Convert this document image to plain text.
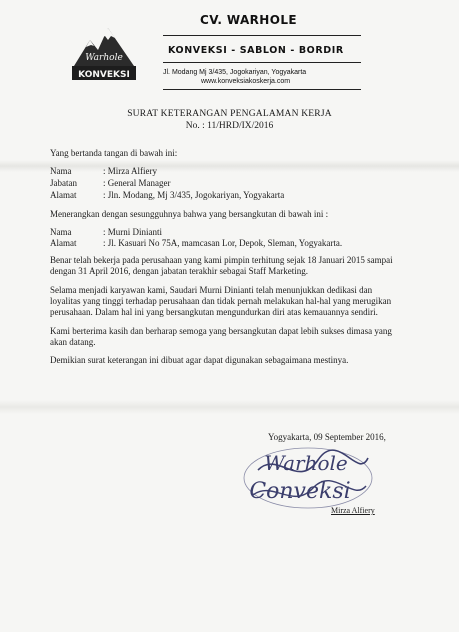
KONVEKSI
Warhole
CV. WARHOLE
KONVEKSI - SABLON - BORDIR
Jl. Modang Mj 3/435, Jogokariyan, Yogyakarta
www.konveksiakoskerja.com
SURAT KETERANGAN PENGALAMAN KERJA
No. : 11/HRD/IX/2016
Yang bertanda tangan di bawah ini:
Nama	: Mirza Alfiery
Jabatan	: General Manager
Alamat	: Jln. Modang, Mj 3/435, Jogokariyan, Yogyakarta
Menerangkan dengan sesungguhnya bahwa yang bersangkutan di bawah ini :
Nama	: Murni Dinianti
Alamat	: Jl. Kasuari No 75A, mamcasan Lor, Depok, Sleman, Yogyakarta.
Benar telah bekerja pada perusahaan yang kami pimpin terhitung sejak 18 Januari 2015 sampai
dengan 31 April 2016, dengan jabatan terakhir sebagai Staff Marketing.
Selama menjadi karyawan kami, Saudari Murni Dinianti telah menunjukkan dedikasi dan
loyalitas yang tinggi terhadap perusahaan dan tidak pernah melakukan hal-hal yang merugikan
perusahaan. Dalam hal ini yang bersangkutan mengundurkan diri atas kemauannya sendiri.
Kami berterima kasih dan berharap semoga yang bersangkutan dapat lebih sukses dimasa yang
akan datang.
Demikian surat keterangan ini dibuat agar dapat digunakan sebagaimana mestinya.
Yogyakarta, 09 September 2016,
Warhole
Conveksi
Mirza Alfiery
